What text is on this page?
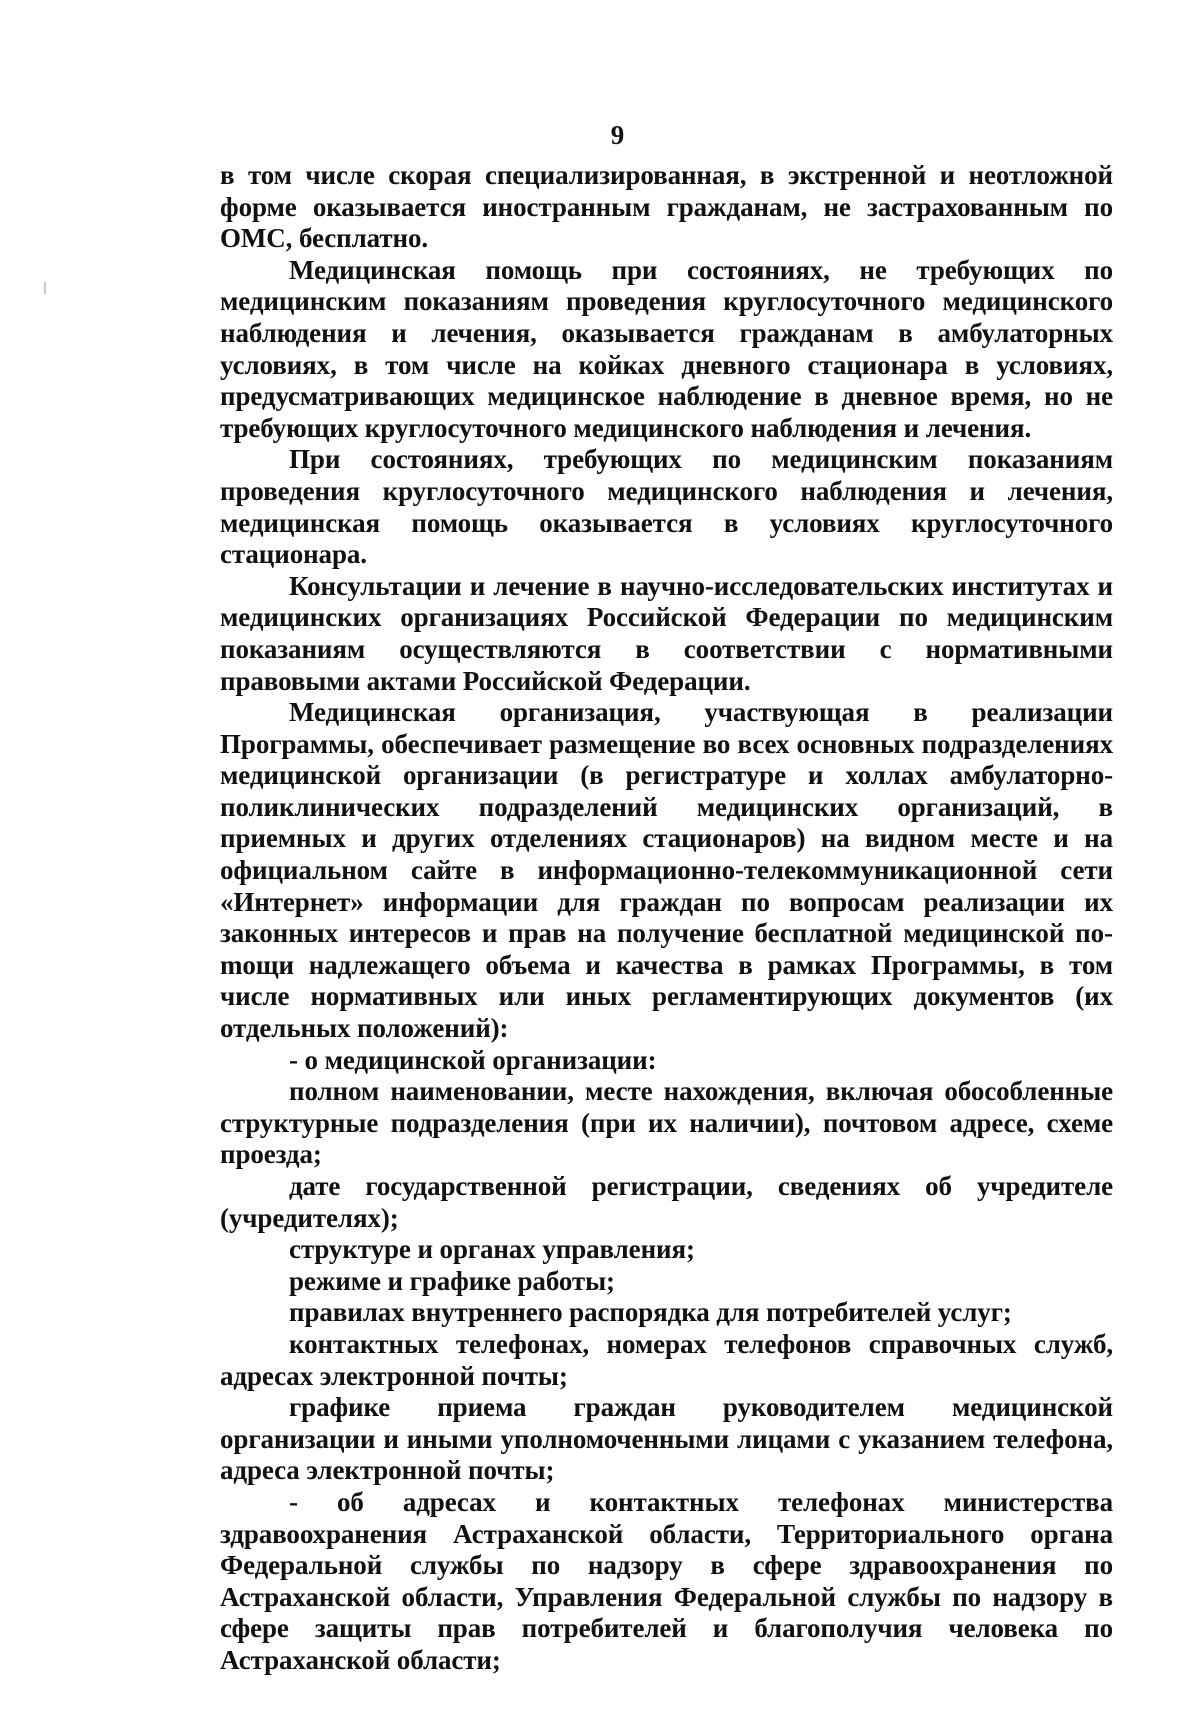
9

в том числе скорая специализированная, в экстренной и неотложной форме оказывается иностранным гражданам, не застрахованным по ОМС, бесплатно.

Медицинская помощь при состояниях, не требующих по медицинским показаниям проведения круглосуточного медицинского наблюдения и лечения, оказывается гражданам в амбулаторных условиях, в том числе на койках дневного стационара в условиях, предусматривающих медицинское наблюдение в дневное время, но не требующих круглосуточного медицинского наблюдения и лечения.

При состояниях, требующих по медицинским показаниям проведения круглосуточного медицинского наблюдения и лечения, медицинская помощь оказывается в условиях круглосуточного стационара.

Консультации и лечение в научно-исследовательских институтах и медицинских организациях Российской Федерации по медицинским показаниям осуществляются в соответствии с нормативными правовыми актами Российской Федерации.

Медицинская организация, участвующая в реализации Программы, обеспечивает размещение во всех основных подразделениях медицинской организации (в регистратуре и холлах амбулаторно-поликлинических подразделений медицинских организаций, в приемных и других отделениях стационаров) на видном месте и на официальном сайте в информационно-телекоммуникационной сети «Интернет» информации для граждан по вопросам реализации их законных интересов и прав на получение бесплатной медицинской поmощи надлежащего объема и качества в рамках Программы, в том числе нормативных или иных регламентирующих документов (их отдельных положений):

- о медицинской организации:

полном наименовании, месте нахождения, включая обособленные структурные подразделения (при их наличии), почтовом адресе, схеме проезда;

дате государственной регистрации, сведениях об учредителе (учредителях);

структуре и органах управления;

режиме и графике работы;

правилах внутреннего распорядка для потребителей услуг;

контактных телефонах, номерах телефонов справочных служб, адресах электронной почты;

графике приема граждан руководителем медицинской организации и иными уполномоченными лицами с указанием телефона, адреса электронной почты;

- об адресах и контактных телефонах министерства здравоохранения Астраханской области, Территориального органа Федеральной службы по надзору в сфере здравоохранения по Астраханской области, Управления Федеральной службы по надзору в сфере защиты прав потребителей и благополучия человека по Астраханской области;
